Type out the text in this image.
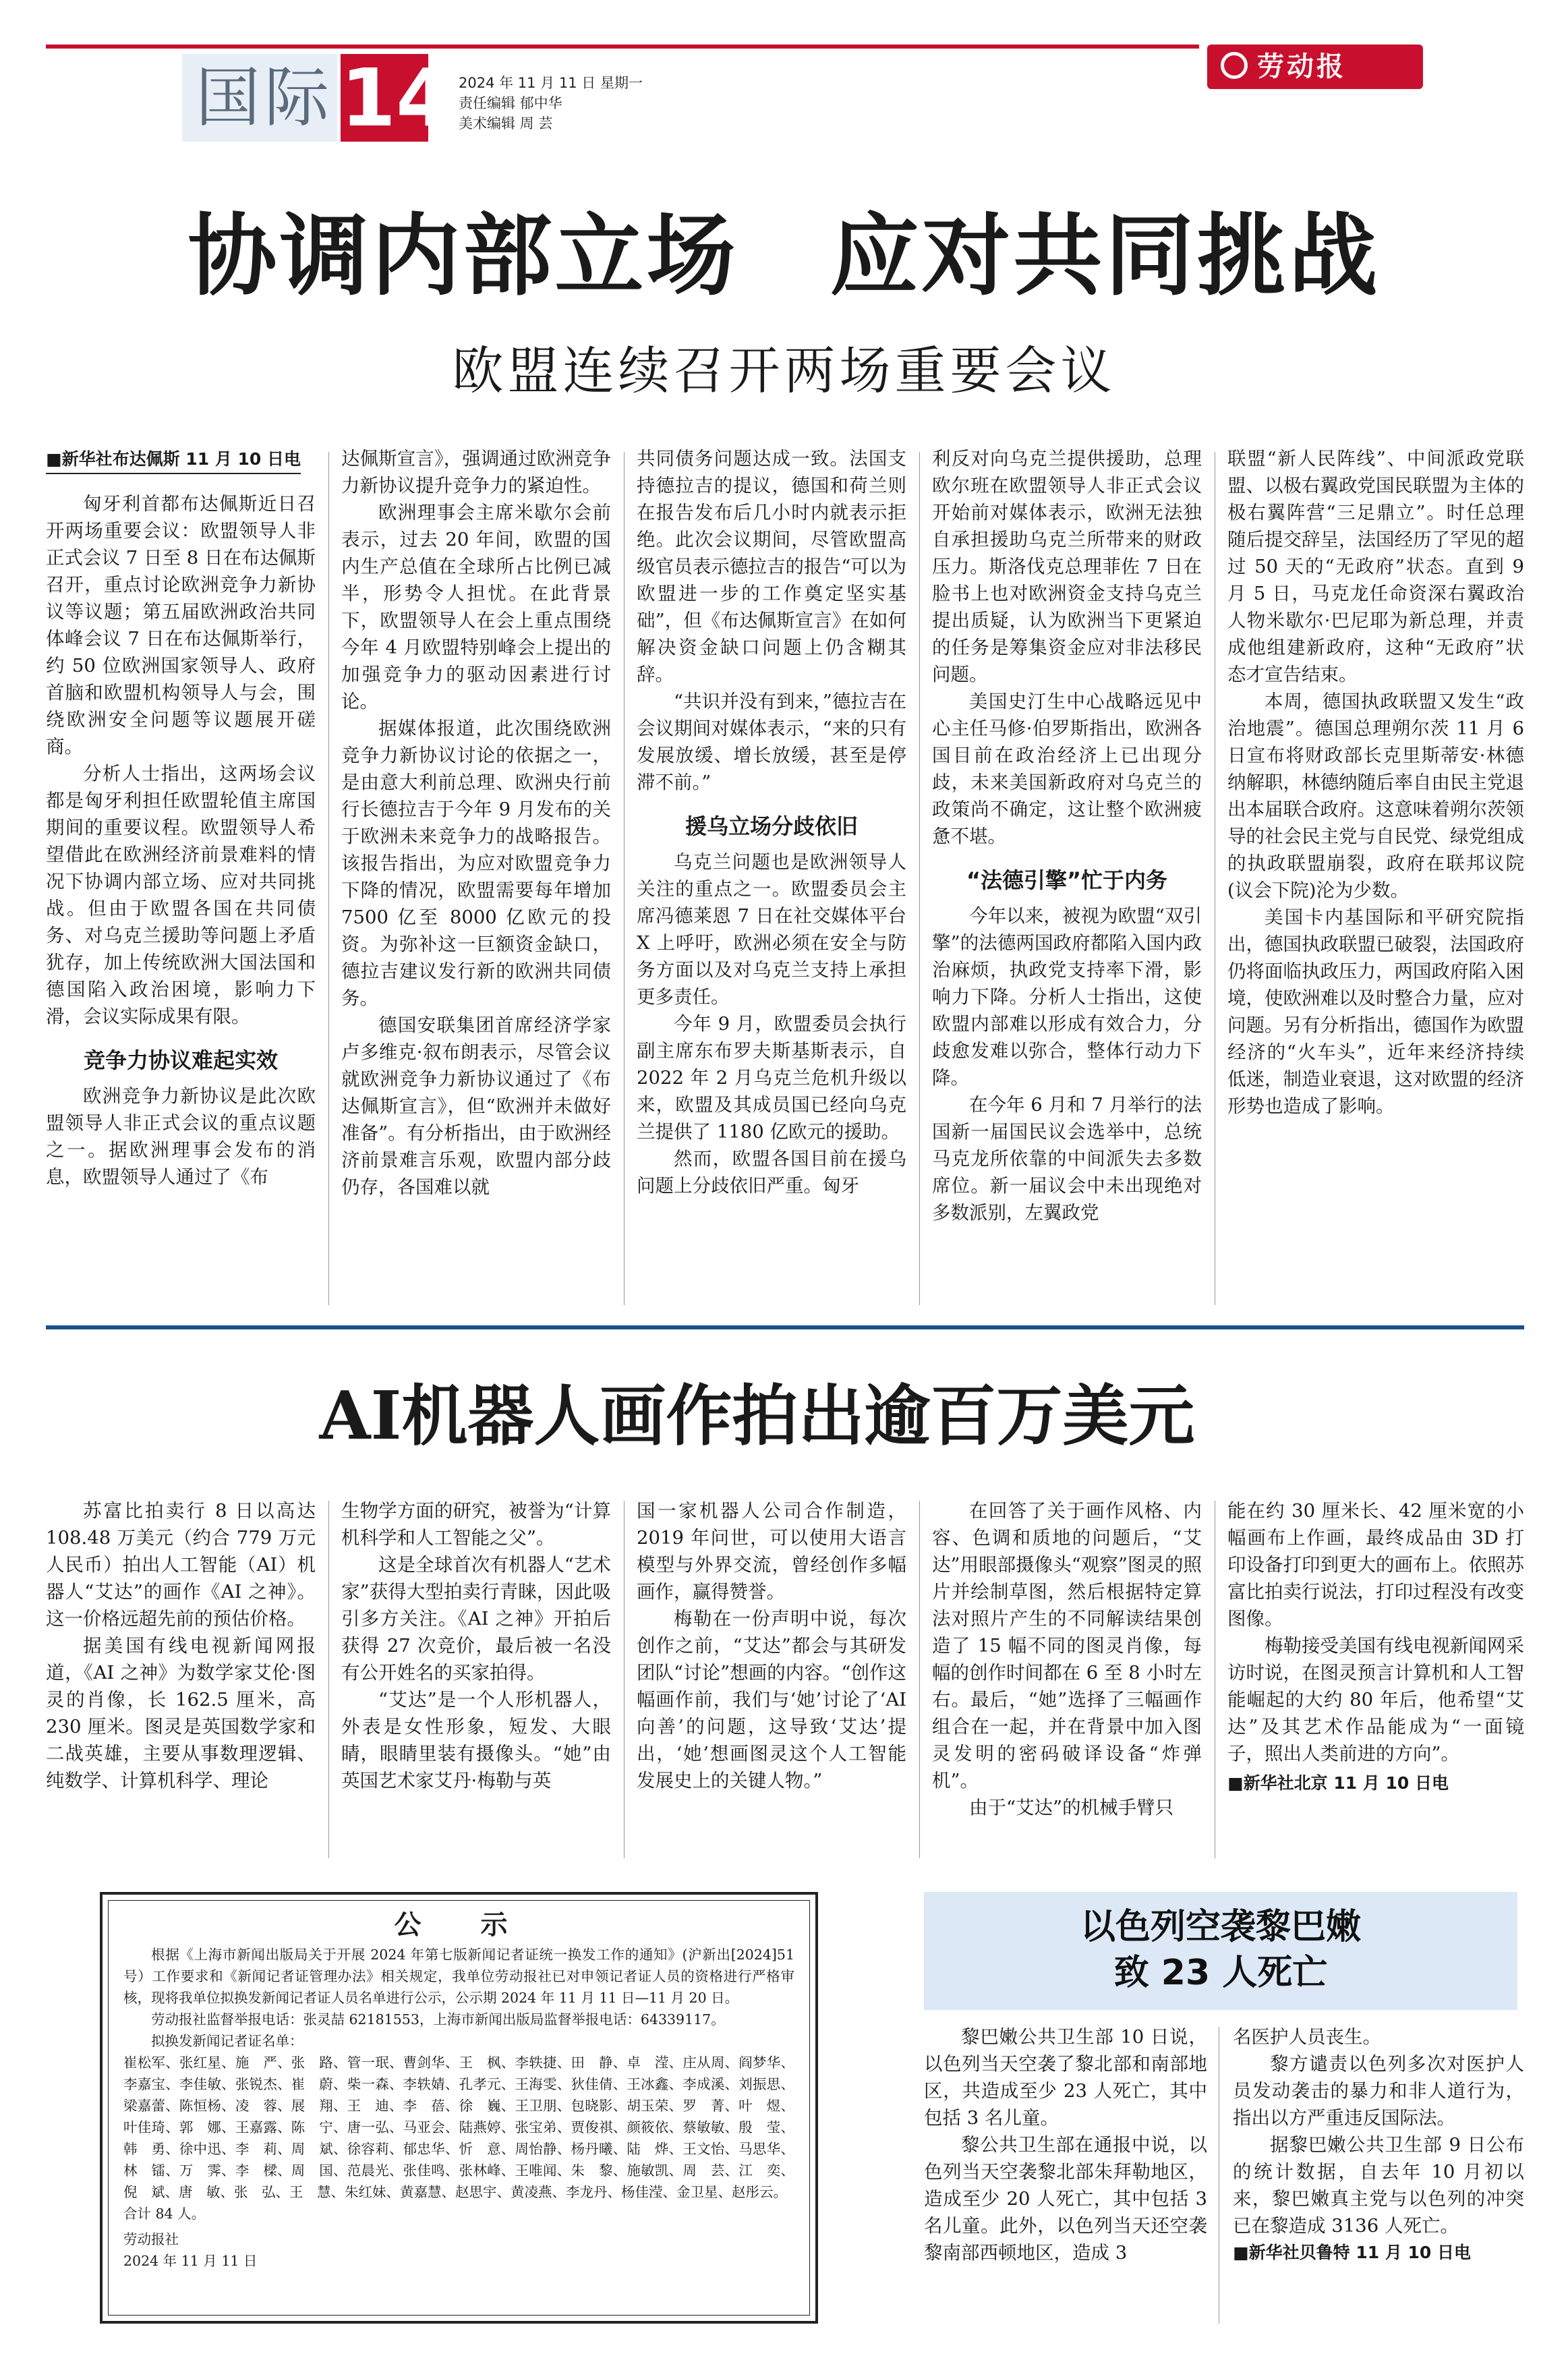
国际 14 2024 年 11 月 11 日 星期一
责任编辑 郁中华
美术编辑 周 芸
劳动报
协调内部立场　应对共同挑战
欧盟连续召开两场重要会议

■新华社布达佩斯 11 月 10 日电

匈牙利首都布达佩斯近日召开两场重要会议：欧盟领导人非正式会议 7 日至 8 日在布达佩斯召开，重点讨论欧洲竞争力新协议等议题；第五届欧洲政治共同体峰会议 7 日在布达佩斯举行，约 50 位欧洲国家领导人、政府首脑和欧盟机构领导人与会，围绕欧洲安全问题等议题展开磋商。

分析人士指出，这两场会议都是匈牙利担任欧盟轮值主席国期间的重要议程。欧盟领导人希望借此在欧洲经济前景难料的情况下协调内部立场、应对共同挑战。但由于欧盟各国在共同债务、对乌克兰援助等问题上矛盾犹存，加上传统欧洲大国法国和德国陷入政治困境，影响力下滑，会议实际成果有限。

竞争力协议难起实效

欧洲竞争力新协议是此次欧盟领导人非正式会议的重点议题之一。据欧洲理事会发布的消息，欧盟领导人通过了《布

达佩斯宣言》，强调通过欧洲竞争力新协议提升竞争力的紧迫性。

欧洲理事会主席米歇尔会前表示，过去 20 年间，欧盟的国内生产总值在全球所占比例已减半，形势令人担忧。在此背景下，欧盟领导人在会上重点围绕今年 4 月欧盟特别峰会上提出的加强竞争力的驱动因素进行讨论。

据媒体报道，此次围绕欧洲竞争力新协议讨论的依据之一，是由意大利前总理、欧洲央行前行长德拉吉于今年 9 月发布的关于欧洲未来竞争力的战略报告。该报告指出，为应对欧盟竞争力下降的情况，欧盟需要每年增加 7500 亿至 8000 亿欧元的投资。为弥补这一巨额资金缺口，德拉吉建议发行新的欧洲共同债务。

德国安联集团首席经济学家卢多维克·叙布朗表示，尽管会议就欧洲竞争力新协议通过了《布达佩斯宣言》，但“欧洲并未做好准备”。有分析指出，由于欧洲经济前景难言乐观，欧盟内部分歧仍存，各国难以就

共同债务问题达成一致。法国支持德拉吉的提议，德国和荷兰则在报告发布后几小时内就表示拒绝。此次会议期间，尽管欧盟高级官员表示德拉吉的报告“可以为欧盟进一步的工作奠定坚实基础”，但《布达佩斯宣言》在如何解决资金缺口问题上仍含糊其辞。

“共识并没有到来，”德拉吉在会议期间对媒体表示，“来的只有发展放缓、增长放缓，甚至是停滞不前。”

援乌立场分歧依旧

乌克兰问题也是欧洲领导人关注的重点之一。欧盟委员会主席冯德莱恩 7 日在社交媒体平台 X 上呼吁，欧洲必须在安全与防务方面以及对乌克兰支持上承担更多责任。

今年 9 月，欧盟委员会执行副主席东布罗夫斯基斯表示，自 2022 年 2 月乌克兰危机升级以来，欧盟及其成员国已经向乌克兰提供了 1180 亿欧元的援助。

然而，欧盟各国目前在援乌问题上分歧依旧严重。匈牙

利反对向乌克兰提供援助，总理欧尔班在欧盟领导人非正式会议开始前对媒体表示，欧洲无法独自承担援助乌克兰所带来的财政压力。斯洛伐克总理菲佐 7 日在脸书上也对欧洲资金支持乌克兰提出质疑，认为欧洲当下更紧迫的任务是筹集资金应对非法移民问题。

美国史汀生中心战略远见中心主任马修·伯罗斯指出，欧洲各国目前在政治经济上已出现分歧，未来美国新政府对乌克兰的政策尚不确定，这让整个欧洲疲惫不堪。

“法德引擎”忙于内务

今年以来，被视为欧盟“双引擎”的法德两国政府都陷入国内政治麻烦，执政党支持率下滑，影响力下降。分析人士指出，这使欧盟内部难以形成有效合力，分歧愈发难以弥合，整体行动力下降。

在今年 6 月和 7 月举行的法国新一届国民议会选举中，总统马克龙所依靠的中间派失去多数席位。新一届议会中未出现绝对多数派别，左翼政党

联盟“新人民阵线”、中间派政党联盟、以极右翼政党国民联盟为主体的极右翼阵营“三足鼎立”。时任总理随后提交辞呈，法国经历了罕见的超过 50 天的“无政府”状态。直到 9 月 5 日，马克龙任命资深右翼政治人物米歇尔·巴尼耶为新总理，并责成他组建新政府，这种“无政府”状态才宣告结束。

本周，德国执政联盟又发生“政治地震”。德国总理朔尔茨 11 月 6 日宣布将财政部长克里斯蒂安·林德纳解职，林德纳随后率自由民主党退出本届联合政府。这意味着朔尔茨领导的社会民主党与自民党、绿党组成的执政联盟崩裂，政府在联邦议院(议会下院)沦为少数。

美国卡内基国际和平研究院指出，德国执政联盟已破裂，法国政府仍将面临执政压力，两国政府陷入困境，使欧洲难以及时整合力量，应对问题。另有分析指出，德国作为欧盟经济的“火车头”，近年来经济持续低迷，制造业衰退，这对欧盟的经济形势也造成了影响。

AI机器人画作拍出逾百万美元

苏富比拍卖行 8 日以高达 108.48 万美元（约合 779 万元人民币）拍出人工智能（AI）机器人“艾达”的画作《AI 之神》。这一价格远超先前的预估价格。

据美国有线电视新闻网报道，《AI 之神》为数学家艾伦·图灵的肖像，长 162.5 厘米，高 230 厘米。图灵是英国数学家和二战英雄，主要从事数理逻辑、纯数学、计算机科学、理论

生物学方面的研究，被誉为“计算机科学和人工智能之父”。

这是全球首次有机器人“艺术家”获得大型拍卖行青睐，因此吸引多方关注。《AI 之神》开拍后获得 27 次竞价，最后被一名没有公开姓名的买家拍得。

“艾达”是一个人形机器人，外表是女性形象，短发、大眼睛，眼睛里装有摄像头。“她”由英国艺术家艾丹·梅勒与英

国一家机器人公司合作制造，2019 年问世，可以使用大语言模型与外界交流，曾经创作多幅画作，赢得赞誉。

梅勒在一份声明中说，每次创作之前，“艾达”都会与其研发团队“讨论”想画的内容。“创作这幅画作前，我们与‘她’讨论了‘AI 向善’的问题，这导致‘艾达’提出，‘她’想画图灵这个人工智能发展史上的关键人物。”

在回答了关于画作风格、内容、色调和质地的问题后，“艾达”用眼部摄像头“观察”图灵的照片并绘制草图，然后根据特定算法对照片产生的不同解读结果创造了 15 幅不同的图灵肖像，每幅的创作时间都在 6 至 8 小时左右。最后，“她”选择了三幅画作组合在一起，并在背景中加入图灵发明的密码破译设备“炸弹机”。

由于“艾达”的机械手臂只

能在约 30 厘米长、42 厘米宽的小幅画布上作画，最终成品由 3D 打印设备打印到更大的画布上。依照苏富比拍卖行说法，打印过程没有改变图像。

梅勒接受美国有线电视新闻网采访时说，在图灵预言计算机和人工智能崛起的大约 80 年后，他希望“艾达”及其艺术作品能成为“一面镜子，照出人类前进的方向”。

■新华社北京 11 月 10 日电

公　示

根据《上海市新闻出版局关于开展 2024 年第七版新闻记者证统一换发工作的通知》(沪新出[2024]51 号）工作要求和《新闻记者证管理办法》相关规定，我单位劳动报社已对申领记者证人员的资格进行严格审核，现将我单位拟换发新闻记者证人员名单进行公示，公示期 2024 年 11 月 11 日—11 月 20 日。

劳动报社监督举报电话：张灵喆 62181553，上海市新闻出版局监督举报电话：64339117。

拟换发新闻记者证名单：

崔松军、张红星、施　严、张　路、管一珉、曹剑华、王　枫、李轶捷、田　静、卓　滢、庄从周、阎梦华、李嘉宝、李佳敏、张锐杰、崔　蔚、柴一森、李轶婧、孔孝元、王海雯、狄佳倩、王冰鑫、李成溪、刘振思、梁嘉蕾、陈恒杨、凌　蓉、展　翔、王　迪、李　蓓、徐　巍、王卫朋、包晓影、胡玉荣、罗　菁、叶　煜、叶佳琦、郭　娜、王嘉露、陈　宁、唐一弘、马亚会、陆燕婷、张宝弟、贾俊祺、颜筱依、蔡敏敏、殷　莹、韩　勇、徐中迅、李　莉、周　斌、徐容莉、郁忠华、忻　意、周怡静、杨丹曦、陆　烨、王文怡、马思华、林　镭、万　霁、李　樑、周　国、范晨光、张佳鸣、张林峰、王唯闻、朱　黎、施敏凯、周　芸、江　奕、倪　斌、唐　敏、张　弘、王　慧、朱红妹、黄嘉慧、赵思宇、黄凌燕、李龙丹、杨佳滢、金卫星、赵彤云。

合计 84 人。

劳动报社

2024 年 11 月 11 日

以色列空袭黎巴嫩
致 23 人死亡

黎巴嫩公共卫生部 10 日说，以色列当天空袭了黎北部和南部地区，共造成至少 23 人死亡，其中包括 3 名儿童。

黎公共卫生部在通报中说，以色列当天空袭黎北部朱拜勒地区，造成至少 20 人死亡，其中包括 3 名儿童。此外，以色列当天还空袭黎南部西顿地区，造成 3

名医护人员丧生。

黎方谴责以色列多次对医护人员发动袭击的暴力和非人道行为，指出以方严重违反国际法。

据黎巴嫩公共卫生部 9 日公布的统计数据，自去年 10 月初以来，黎巴嫩真主党与以色列的冲突已在黎造成 3136 人死亡。

■新华社贝鲁特 11 月 10 日电
